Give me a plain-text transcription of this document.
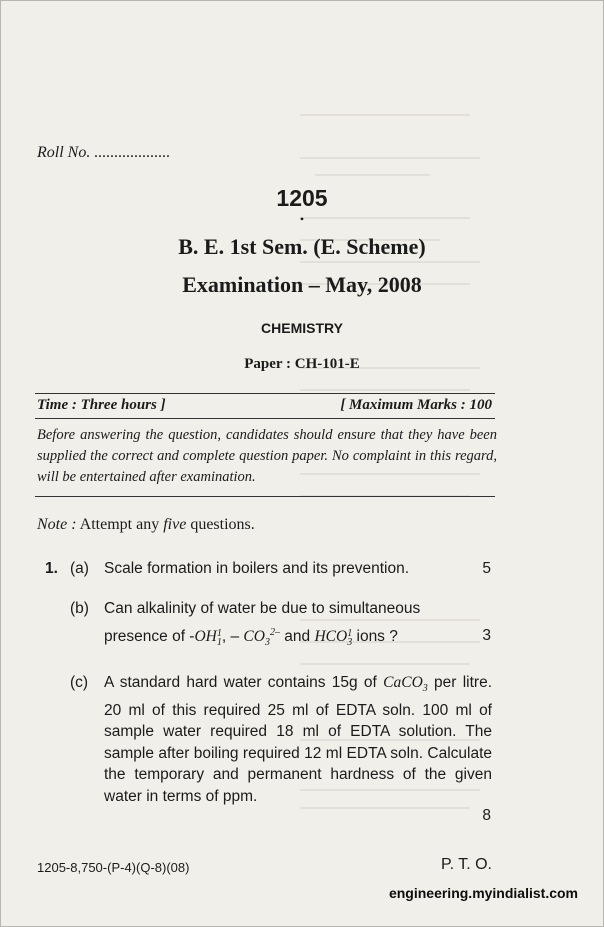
Roll No. ...................
1205
•
B. E. 1st Sem. (E. Scheme)
Examination – May, 2008
CHEMISTRY
Paper : CH-101-E
Time : Three hours ]	[ Maximum Marks : 100
Before answering the question, candidates should ensure that they have been supplied the correct and complete question paper. No complaint in this regard, will be entertained after examination.
Note : Attempt any five questions.
1. (a) Scale formation in boilers and its prevention.	5
(b) Can alkalinity of water be due to simultaneous
presence of -OH 1
1 , – $CO_3^{2-}$ and HCO 1
3 ions ?	3
(c) A standard hard water contains 15g of CaCO$_3$ per litre. 20 ml of this required 25 ml of EDTA soln. 100 ml of sample water required 18 ml of EDTA solution. The sample after boiling required 12 ml EDTA soln. Calculate the temporary and permanent hardness of the given water in terms of ppm.
8
1205-8,750-(P-4)(Q-8)(08)	P. T. O.
engineering.myindialist.com
